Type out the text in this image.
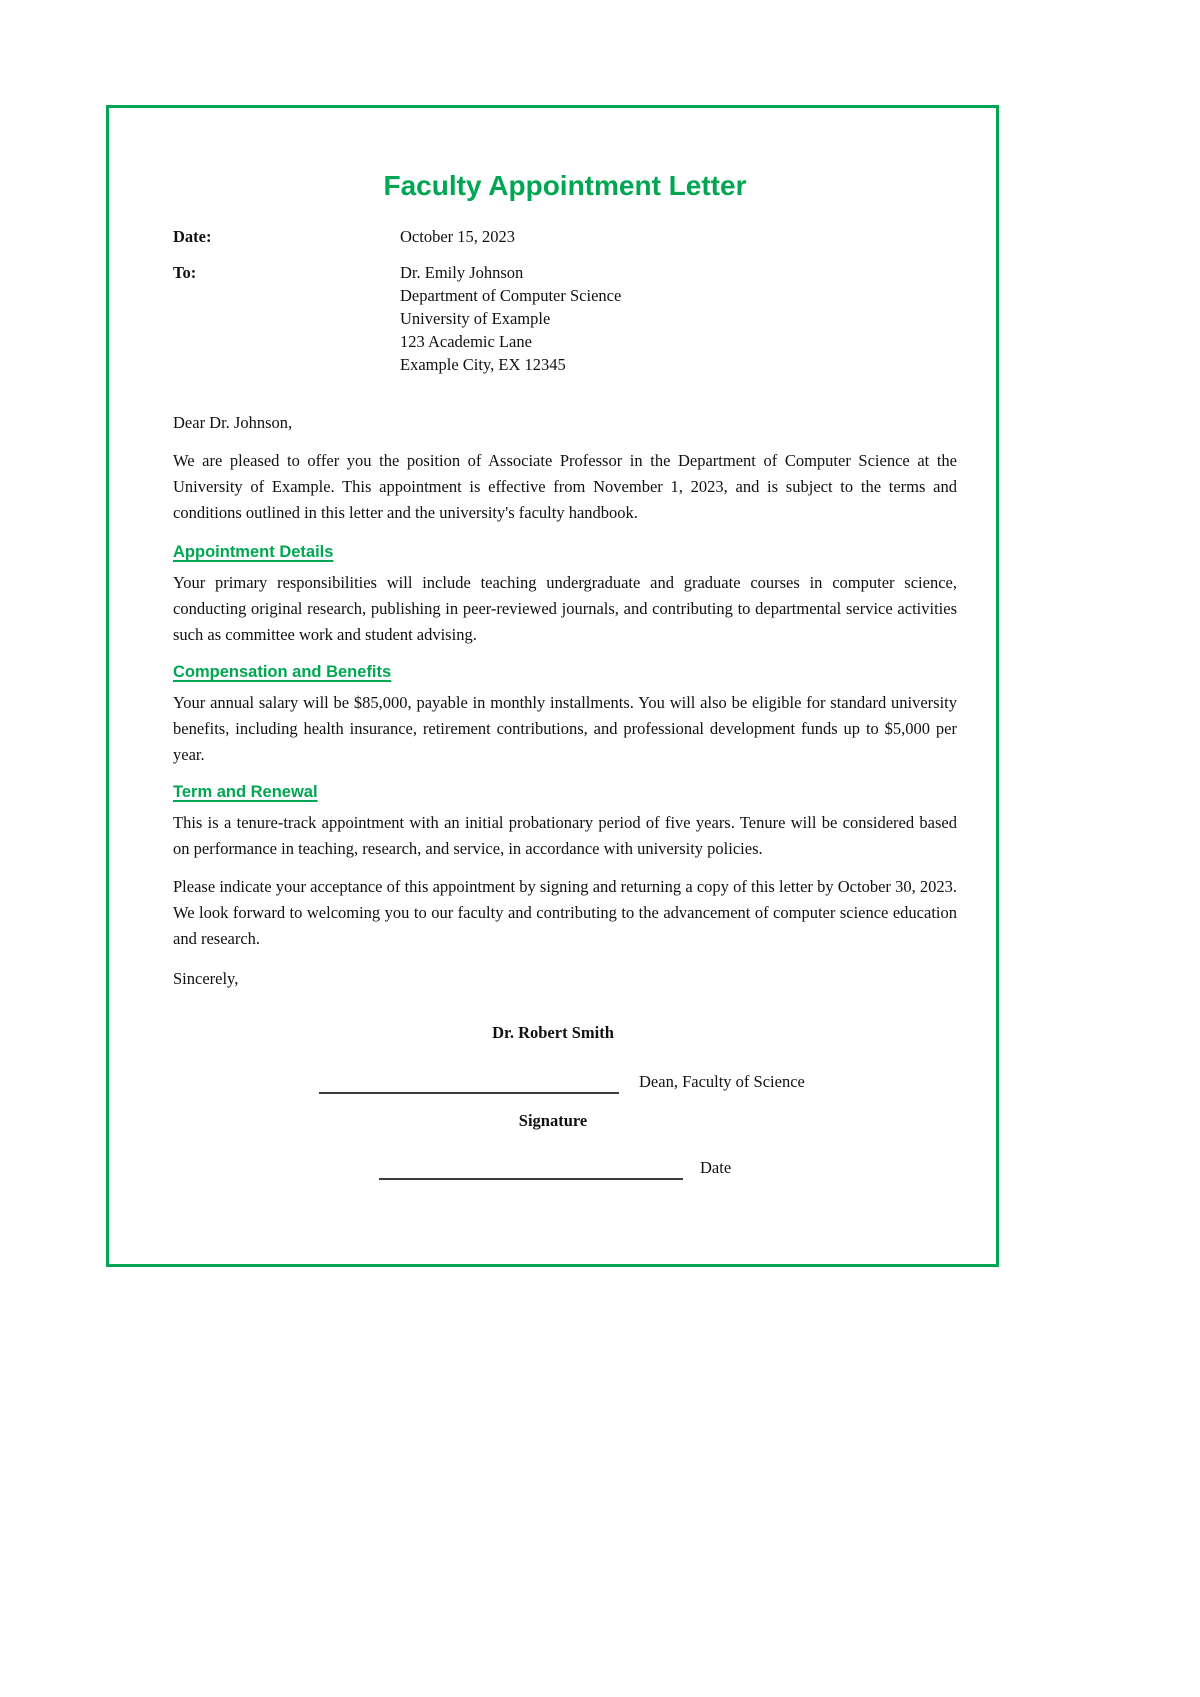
Faculty Appointment Letter
Date:	October 15, 2023
To:	Dr. Emily Johnson
Department of Computer Science
University of Example
123 Academic Lane
Example City, EX 12345

Dear Dr. Johnson,

We are pleased to offer you the position of Associate Professor in the Department of Computer Science at the University of Example. This appointment is effective from November 1, 2023, and is subject to the terms and conditions outlined in this letter and the university's faculty handbook.

Appointment Details

Your primary responsibilities will include teaching undergraduate and graduate courses in computer science, conducting original research, publishing in peer-reviewed journals, and contributing to departmental service activities such as committee work and student advising.

Compensation and Benefits

Your annual salary will be $85,000, payable in monthly installments. You will also be eligible for standard university benefits, including health insurance, retirement contributions, and professional development funds up to $5,000 per year.

Term and Renewal

This is a tenure-track appointment with an initial probationary period of five years. Tenure will be considered based on performance in teaching, research, and service, in accordance with university policies.

Please indicate your acceptance of this appointment by signing and returning a copy of this letter by October 30, 2023. We look forward to welcoming you to our faculty and contributing to the advancement of computer science education and research.

Sincerely,

Dr. Robert Smith
Dean, Faculty of Science
Signature
Date
